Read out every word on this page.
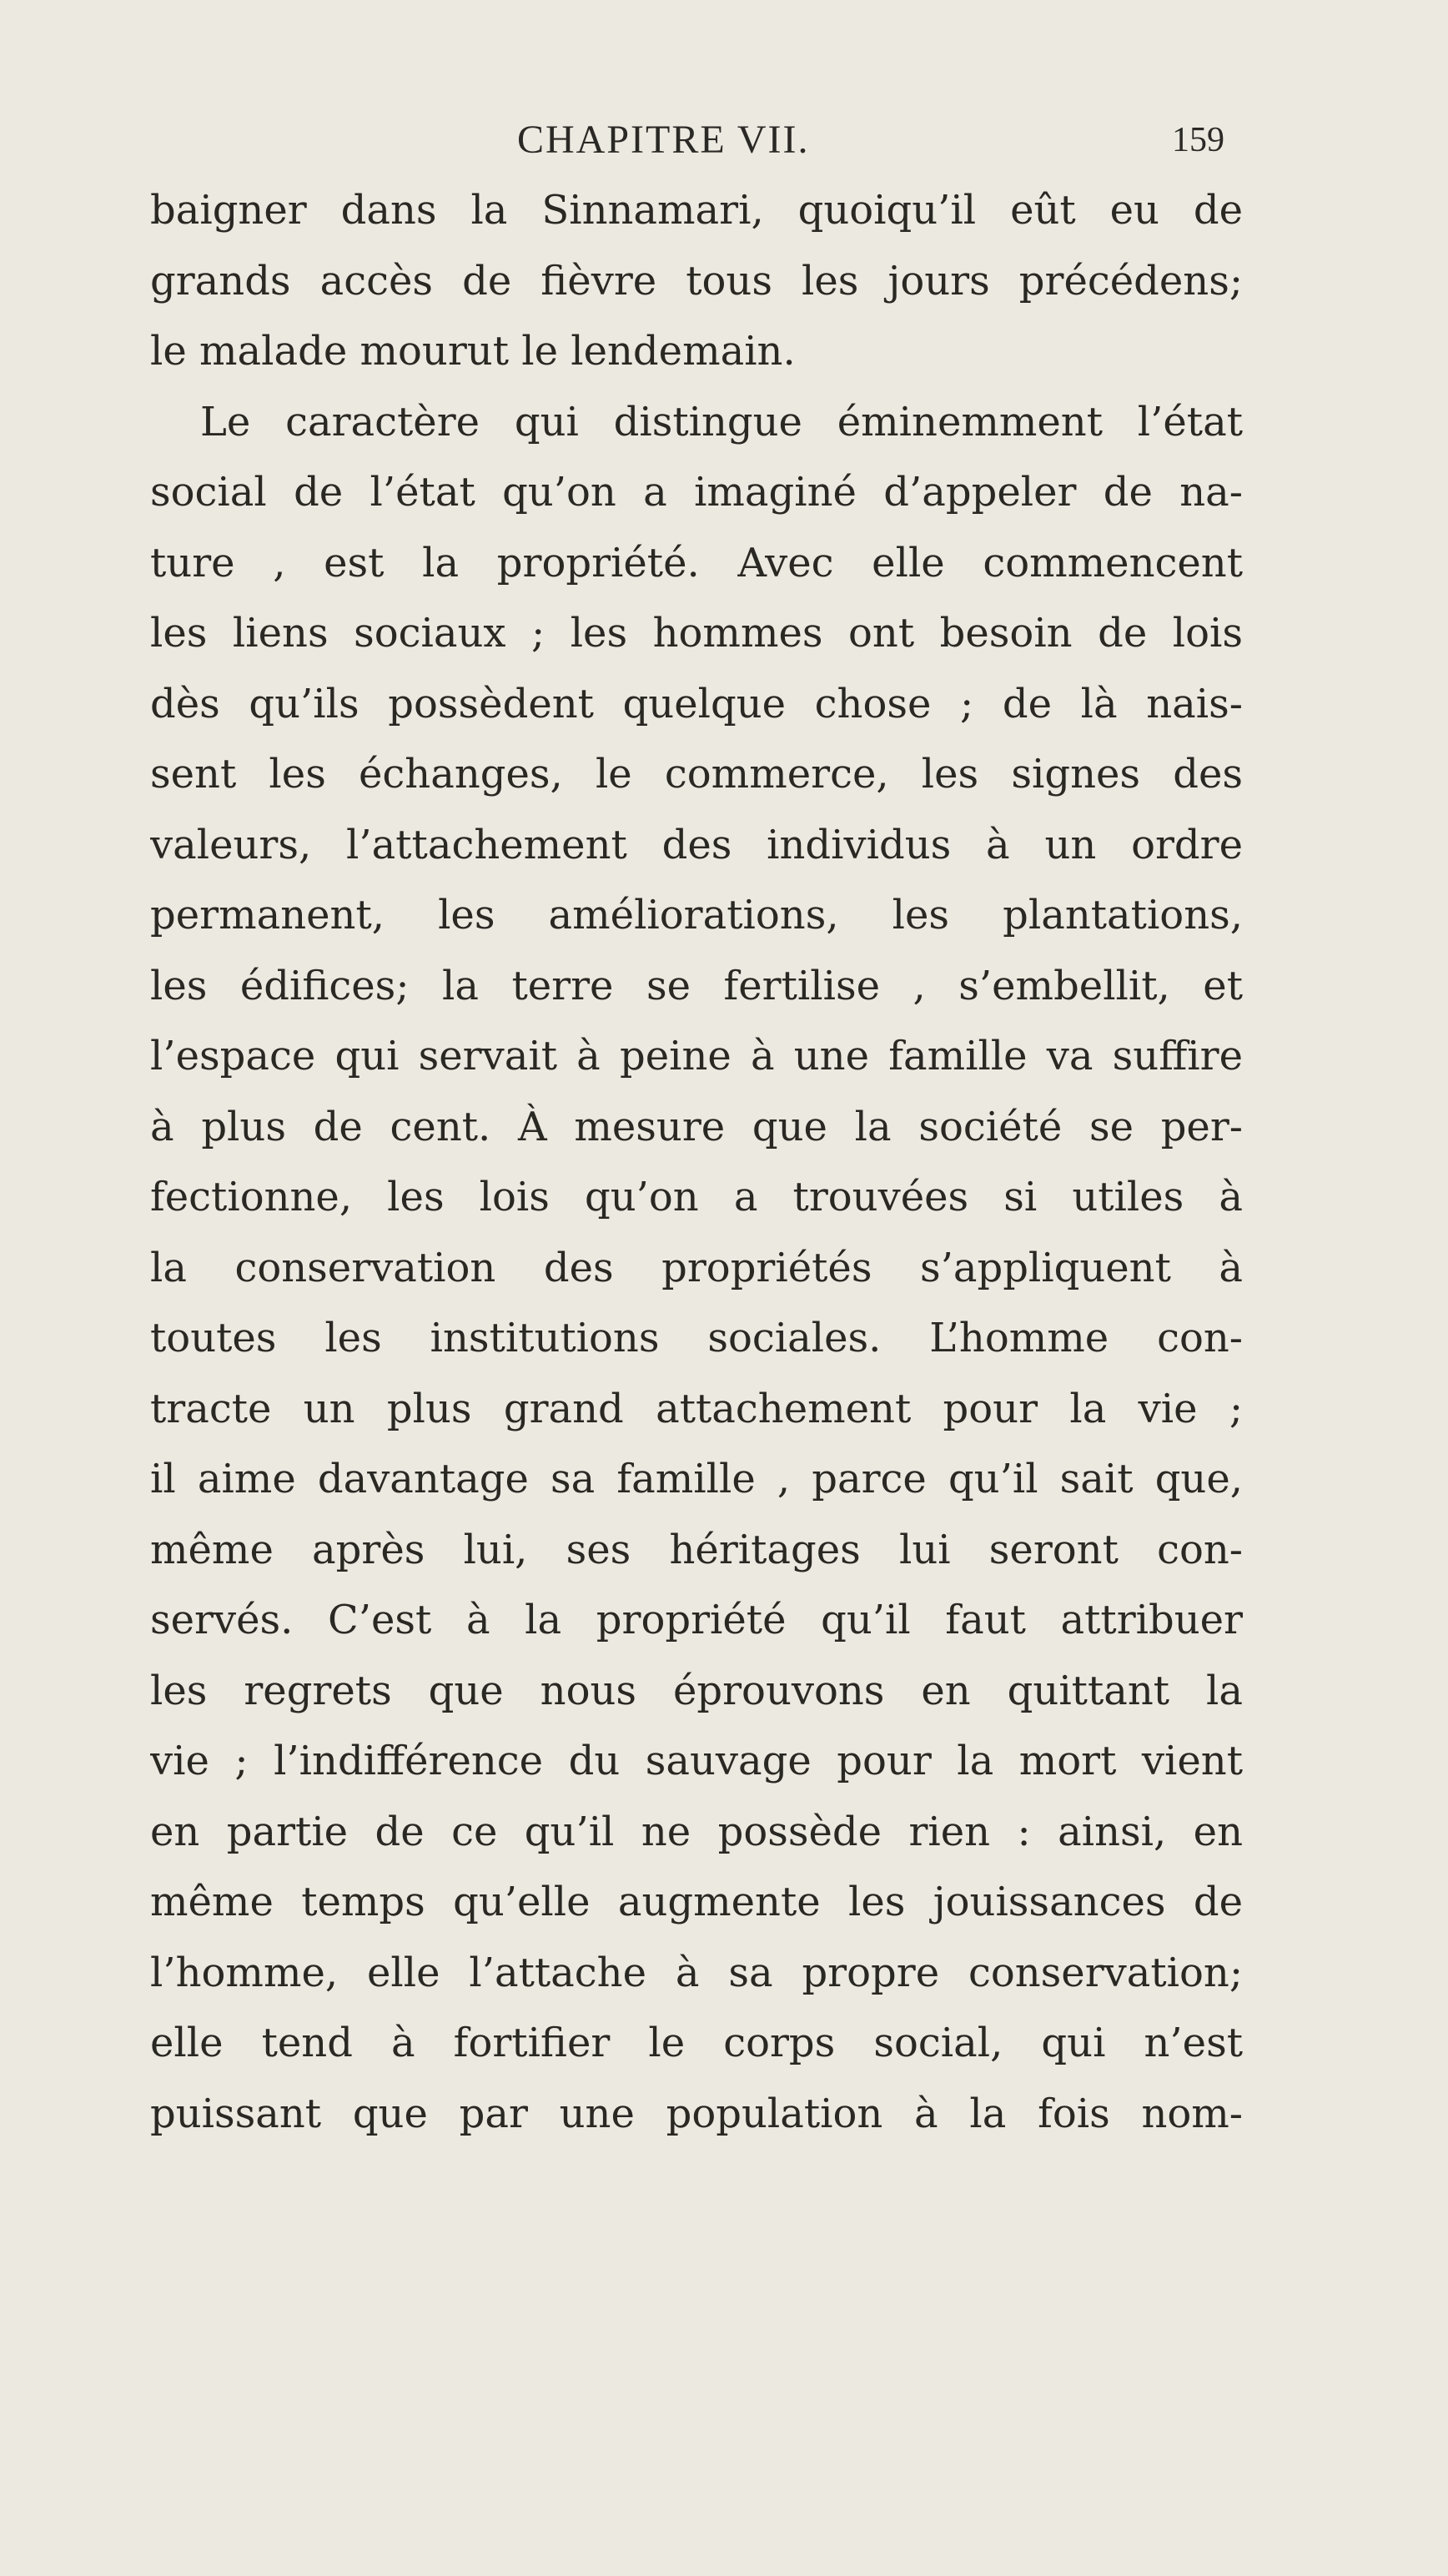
CHAPITRE VII.	159
baigner dans la Sinnamari, quoiqu’il eût eu de
grands accès de fièvre tous les jours précédens;
le malade mourut le lendemain.
Le caractère qui distingue éminemment l’état
social de l’état qu’on a imaginé d’appeler de na-
ture , est la propriété. Avec elle commencent
les liens sociaux ; les hommes ont besoin de lois
dès qu’ils possèdent quelque chose ; de là nais-
sent les échanges, le commerce, les signes des
valeurs, l’attachement des individus à un ordre
permanent, les améliorations, les plantations,
les édifices; la terre se fertilise , s’embellit, et
l’espace qui servait à peine à une famille va suffire
à plus de cent. À mesure que la société se per-
fectionne, les lois qu’on a trouvées si utiles à
la conservation des propriétés s’appliquent à
toutes les institutions sociales. L’homme con-
tracte un plus grand attachement pour la vie ;
il aime davantage sa famille , parce qu’il sait que,
même après lui, ses héritages lui seront con-
servés. C’est à la propriété qu’il faut attribuer
les regrets que nous éprouvons en quittant la
vie ; l’indifférence du sauvage pour la mort vient
en partie de ce qu’il ne possède rien : ainsi, en
même temps qu’elle augmente les jouissances de
l’homme, elle l’attache à sa propre conservation;
elle tend à fortifier le corps social, qui n’est
puissant que par une population à la fois nom-
